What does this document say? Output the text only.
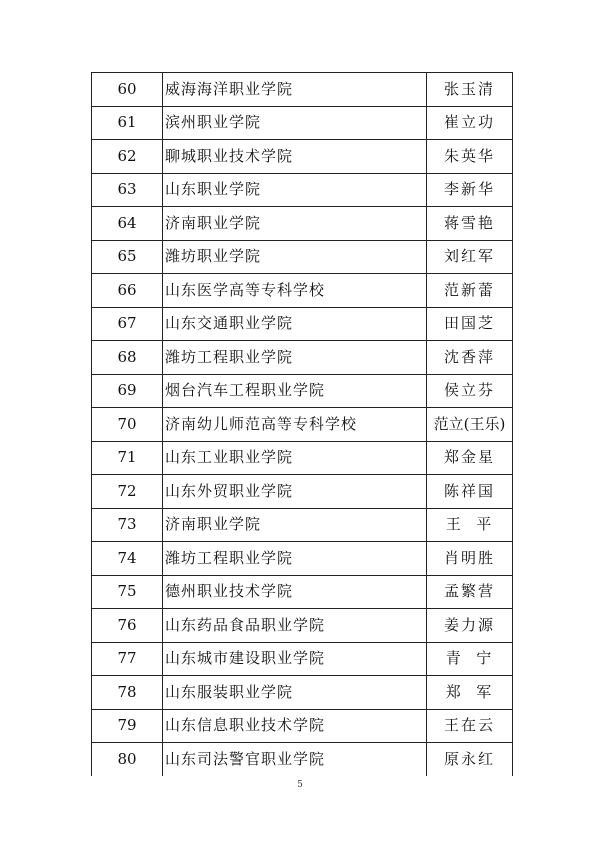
60	威海海洋职业学院	张玉清
61	滨州职业学院	崔立功
62	聊城职业技术学院	朱英华
63	山东职业学院	李新华
64	济南职业学院	蒋雪艳
65	潍坊职业学院	刘红军
66	山东医学高等专科学校	范新蕾
67	山东交通职业学院	田国芝
68	潍坊工程职业学院	沈香萍
69	烟台汽车工程职业学院	侯立芬
70	济南幼儿师范高等专科学校	范立(王乐)
71	山东工业职业学院	郑金星
72	山东外贸职业学院	陈祥国
73	济南职业学院	王  平
74	潍坊工程职业学院	肖明胜
75	德州职业技术学院	孟繁营
76	山东药品食品职业学院	姜力源
77	山东城市建设职业学院	青  宁
78	山东服装职业学院	郑  军
79	山东信息职业技术学院	王在云
80	山东司法警官职业学院	原永红
5
